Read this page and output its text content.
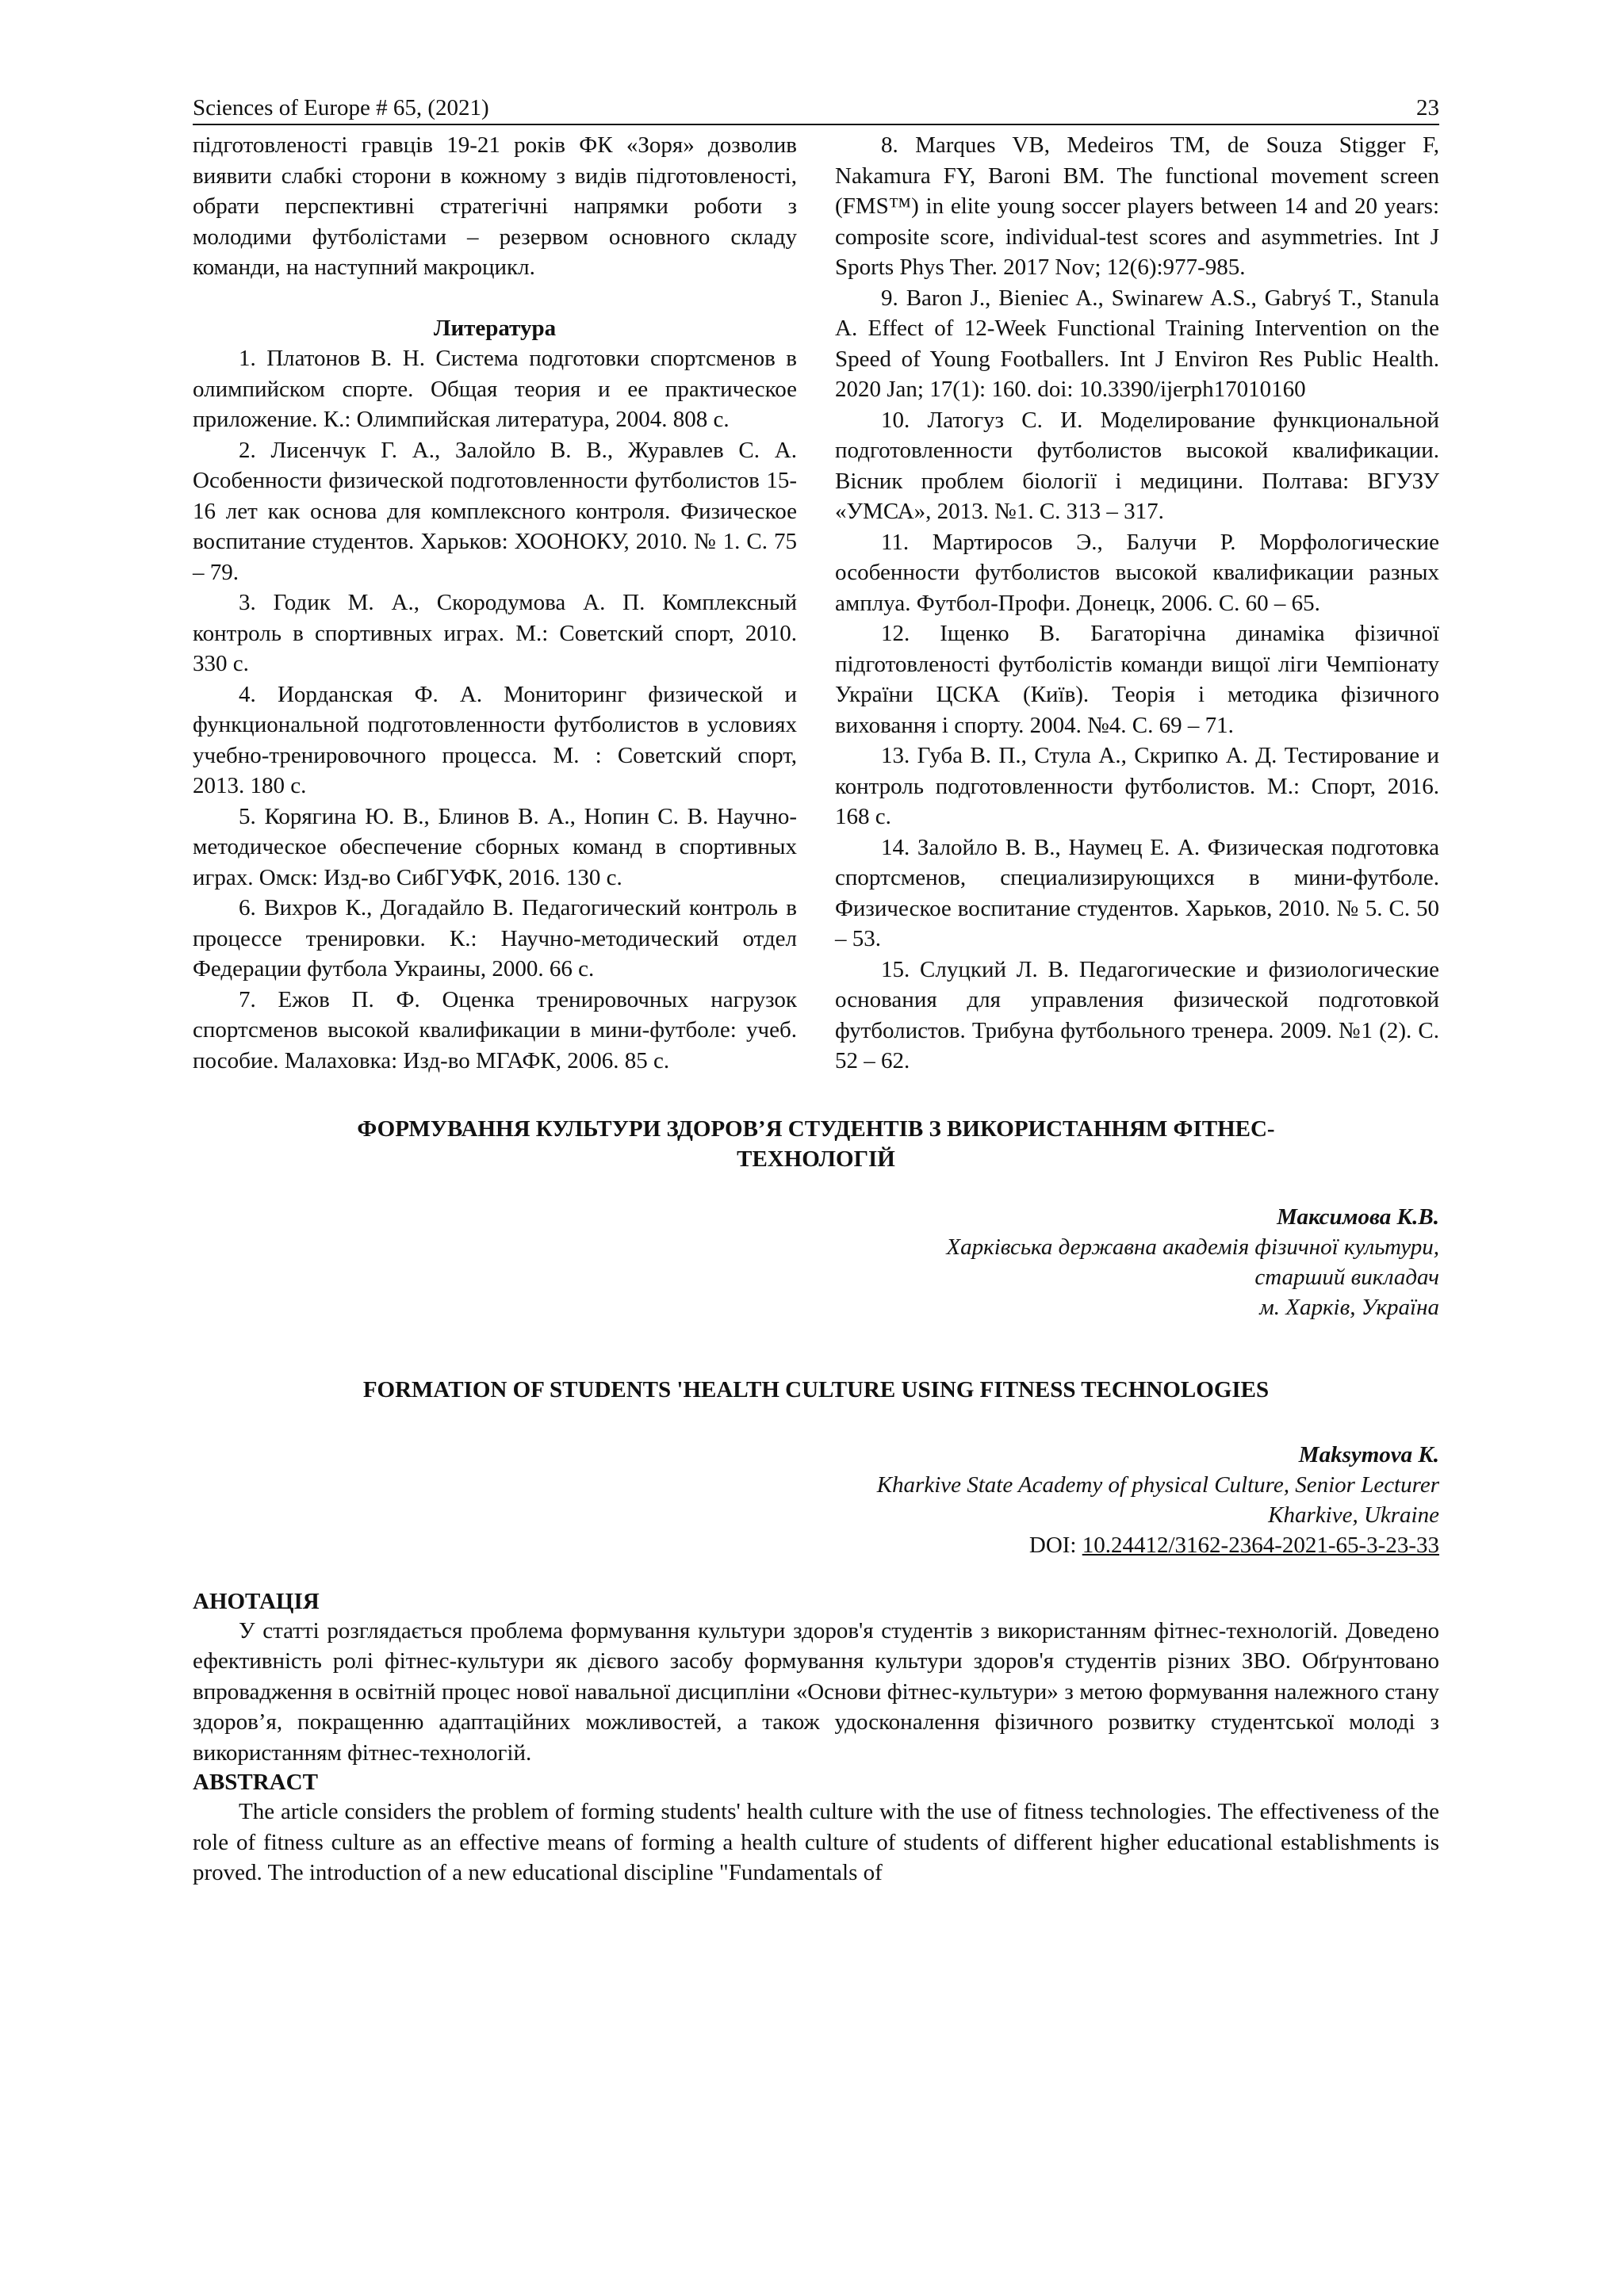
Sciences of Europe # 65, (2021)	23

підготовленості гравців 19-21 років ФК «Зоря» дозволив виявити слабкі сторони в кожному з видів підготовленості, обрати перспективні стратегічні напрямки роботи з молодими футболістами – резервом основного складу команди, на наступний макроцикл.

Литература

1. Платонов В. Н. Система подготовки спортсменов в олимпийском спорте. Общая теория и ее практическое приложение. К.: Олимпийская литература, 2004. 808 с.

2. Лисенчук Г. А., Залойло В. В., Журавлев С. А. Особенности физической подготовленности футболистов 15-16 лет как основа для комплексного контроля. Физическое воспитание студентов. Харьков: ХООНОКУ, 2010. № 1. С. 75 – 79.

3. Годик М. А., Скородумова А. П. Комплексный контроль в спортивных играх. М.: Советский спорт, 2010. 330 с.

4. Иорданская Ф. А. Мониторинг физической и функциональной подготовленности футболистов в условиях учебно-тренировочного процесса. М. : Советский спорт, 2013. 180 с.

5. Корягина Ю. В., Блинов В. А., Нопин С. В. Научно-методическое обеспечение сборных команд в спортивных играх. Омск: Изд-во СибГУФК, 2016. 130 с.

6. Вихров К., Догадайло В. Педагогический контроль в процессе тренировки. К.: Научно-методический отдел Федерации футбола Украины, 2000. 66 с.

7. Ежов П. Ф. Оценка тренировочных нагрузок спортсменов высокой квалификации в мини-футболе: учеб. пособие. Малаховка: Изд-во МГАФК, 2006. 85 с.

8. Marques VB, Medeiros TM, de Souza Stigger F, Nakamura FY, Baroni BM. The functional movement screen (FMS™) in elite young soccer players between 14 and 20 years: composite score, individual-test scores and asymmetries. Int J Sports Phys Ther. 2017 Nov; 12(6):977-985.

9. Baron J., Bieniec A., Swinarew A.S., Gabryś T., Stanula A. Effect of 12-Week Functional Training Intervention on the Speed of Young Footballers. Int J Environ Res Public Health. 2020 Jan; 17(1): 160. doi: 10.3390/ijerph17010160

10. Латогуз С. И. Моделирование функциональной подготовленности футболистов высокой квалификации. Вісник проблем біології і медицини. Полтава: ВГУЗУ «УМСА», 2013. №1. С. 313 – 317.

11. Мартиросов Э., Балучи Р. Морфологические особенности футболистов высокой квалификации разных амплуа. Футбол-Профи. Донецк, 2006. С. 60 – 65.

12. Іщенко В. Багаторічна динаміка фізичної підготовленості футболістів команди вищої ліги Чемпіонату України ЦСКА (Київ). Теорія і методика фізичного виховання і спорту. 2004. №4. С. 69 – 71.

13. Губа В. П., Стула А., Скрипко А. Д. Тестирование и контроль подготовленности футболистов. М.: Спорт, 2016. 168 с.

14. Залойло В. В., Наумец Е. А. Физическая подготовка спортсменов, специализирующихся в мини-футболе. Физическое воспитание студентов. Харьков, 2010. № 5. С. 50 – 53.

15. Слуцкий Л. В. Педагогические и физиологические основания для управления физической подготовкой футболистов. Трибуна футбольного тренера. 2009. №1 (2). С. 52 – 62.

ФОРМУВАННЯ КУЛЬТУРИ ЗДОРОВ’Я СТУДЕНТІВ З ВИКОРИСТАННЯМ ФІТНЕС-
ТЕХНОЛОГІЙ

Максимова К.В.
Харківська державна академія фізичної культури,
старший викладач
м. Харків, Україна

FORMATION OF STUDENTS 'HEALTH CULTURE USING FITNESS TECHNOLOGIES

Maksymova K.
Kharkive State Academy of physical Culture, Senior Lecturer
Kharkive, Ukraine
DOI: 10.24412/3162-2364-2021-65-3-23-33

АНОТАЦІЯ

У статті розглядається проблема формування культури здоров'я студентів з використанням фітнес-технологій. Доведено ефективність ролі фітнес-культури як дієвого засобу формування культури здоров'я студентів різних ЗВО. Обґрунтовано впровадження в освітній процес нової навальної дисципліни «Основи фітнес-культури» з метою формування належного стану здоров’я, покращенню адаптаційних можливостей, а також удосконалення фізичного розвитку студентської молоді з використанням фітнес-технологій.

ABSTRACT

The article considers the problem of forming students' health culture with the use of fitness technologies. The effectiveness of the role of fitness culture as an effective means of forming a health culture of students of different higher educational establishments is proved. The introduction of a new educational discipline "Fundamentals of
